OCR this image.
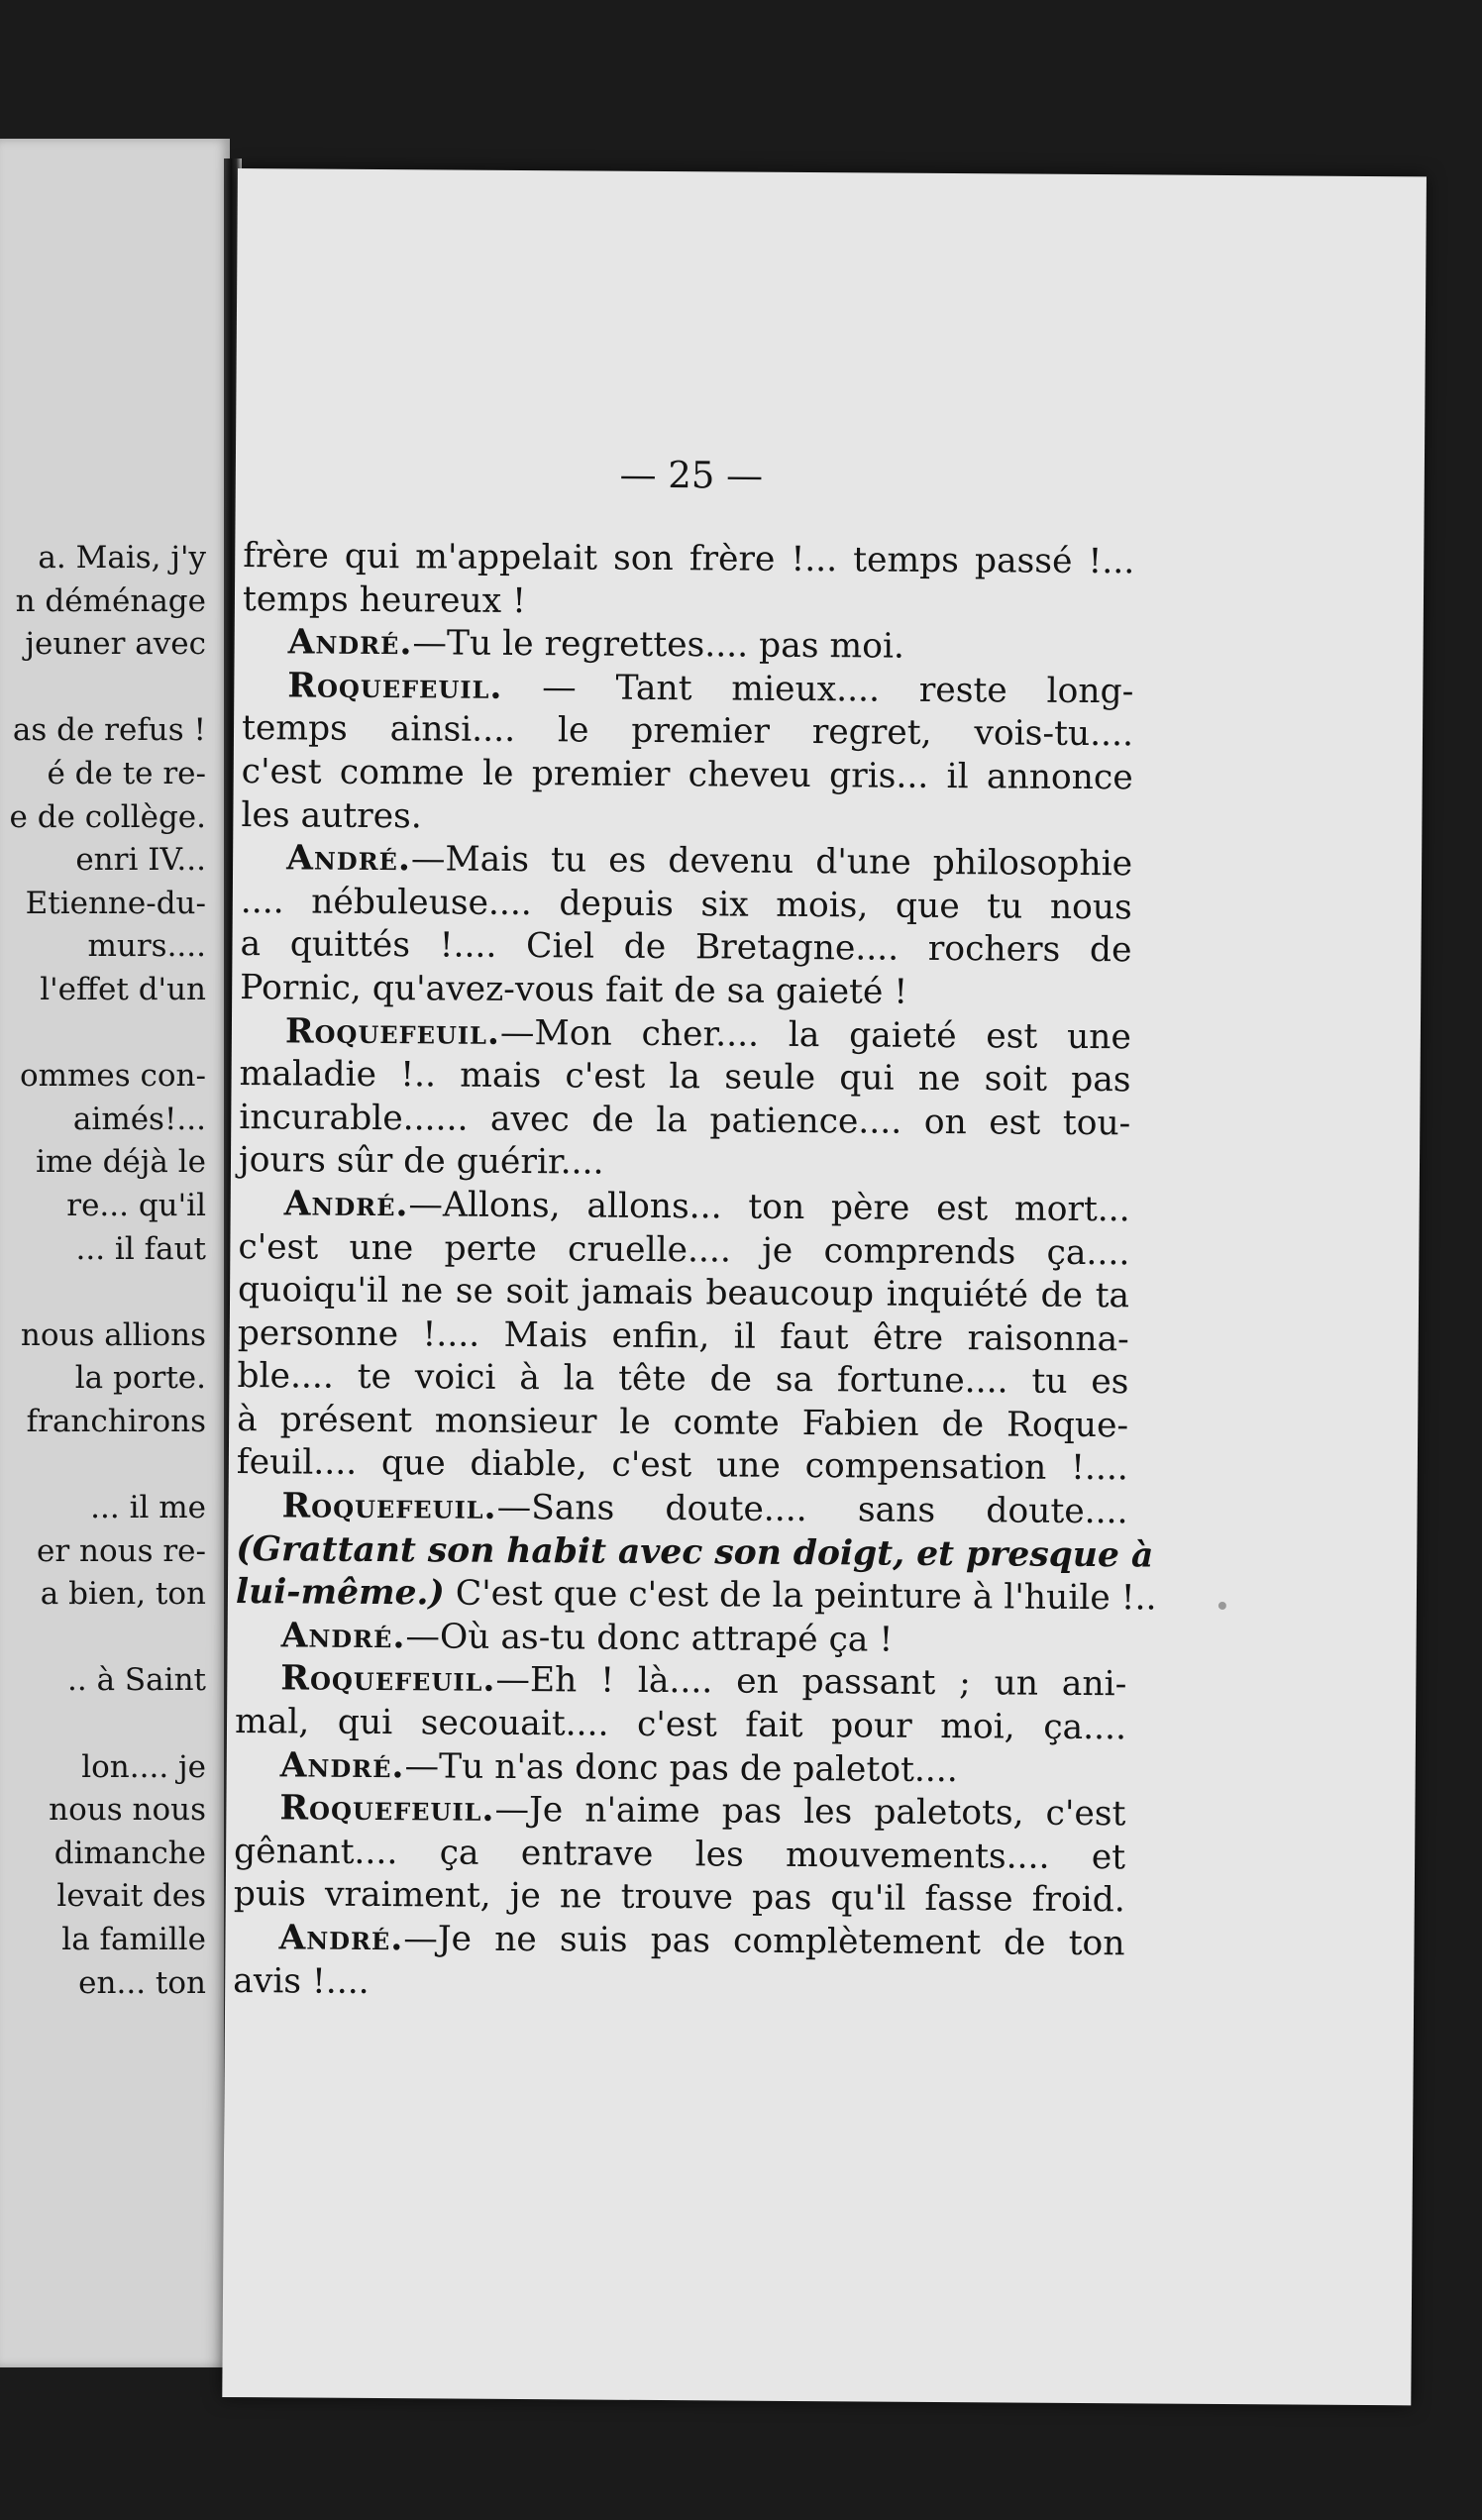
a. Mais, j'y
n déménage
jeuner avec
as de refus !
é de te re-
e de collège.
enri IV...
Etienne-du-
murs....
l'effet d'un
ommes con-
aimés!...
ime déjà le
re... qu'il
... il faut
nous allions
la porte.
franchirons
... il me
er nous re-
a bien, ton
.. à Saint
lon.... je
nous nous
dimanche
levait des
la famille
en... ton
— 25 —
frère qui m'appelait son frère !... temps passé !...
temps heureux !
André.—Tu le regrettes.... pas moi.
Roquefeuil. — Tant mieux.... reste long-
temps ainsi.... le premier regret, vois-tu....
c'est comme le premier cheveu gris... il annonce
les autres.
André.—Mais tu es devenu d'une philosophie
.... nébuleuse.... depuis six mois, que tu nous
a quittés !.... Ciel de Bretagne.... rochers de
Pornic, qu'avez-vous fait de sa gaieté !
Roquefeuil.—Mon cher.... la gaieté est une
maladie !.. mais c'est la seule qui ne soit pas
incurable...... avec de la patience.... on est tou-
jours sûr de guérir....
André.—Allons, allons... ton père est mort...
c'est une perte cruelle.... je comprends ça....
quoiqu'il ne se soit jamais beaucoup inquiété de ta
personne !.... Mais enfin, il faut être raisonna-
ble.... te voici à la tête de sa fortune.... tu es
à présent monsieur le comte Fabien de Roque-
feuil.... que diable, c'est une compensation !....
Roquefeuil.—Sans doute.... sans doute....
(Grattant son habit avec son doigt, et presque à
lui-même.) C'est que c'est de la peinture à l'huile !..
André.—Où as-tu donc attrapé ça !
Roquefeuil.—Eh ! là.... en passant ; un ani-
mal, qui secouait.... c'est fait pour moi, ça....
André.—Tu n'as donc pas de paletot....
Roquefeuil.—Je n'aime pas les paletots, c'est
gênant.... ça entrave les mouvements.... et
puis vraiment, je ne trouve pas qu'il fasse froid.
André.—Je ne suis pas complètement de ton
avis !....
